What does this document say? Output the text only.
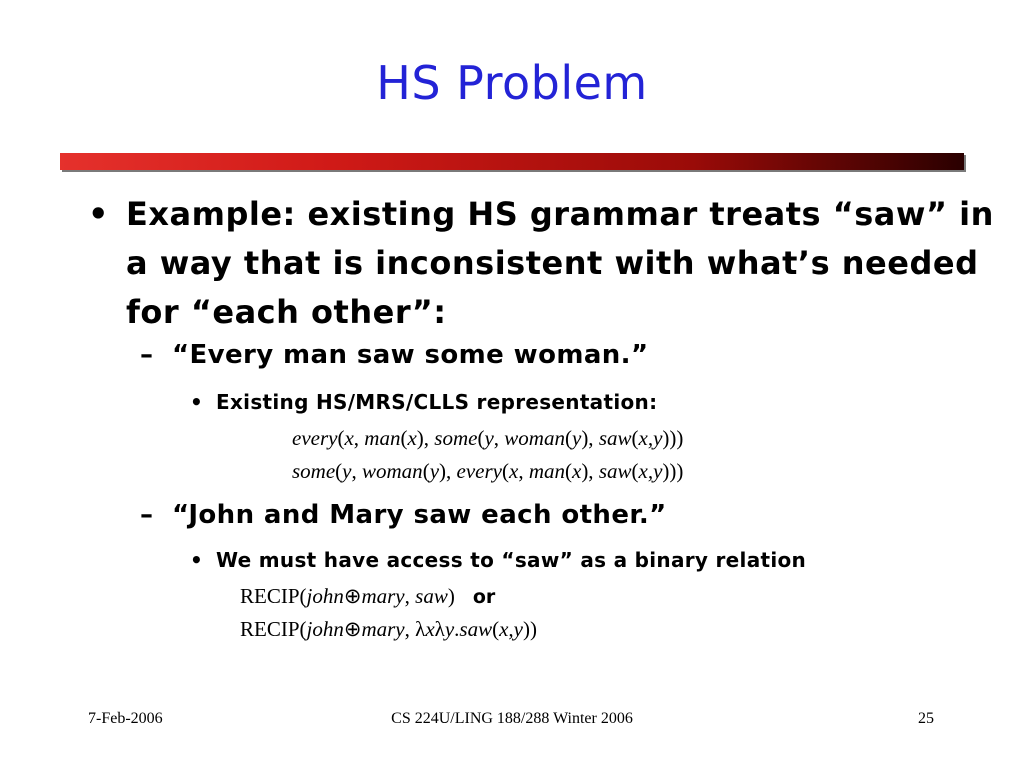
HS Problem
• Example: existing HS grammar treats “saw” in a way that is inconsistent with what’s needed for “each other”:
– “Every man saw some woman.”
• Existing HS/MRS/CLLS representation:
every(x, man(x), some(y, woman(y), saw(x,y)))
some(y, woman(y), every(x, man(x), saw(x,y)))
– “John and Mary saw each other.”
• We must have access to “saw” as a binary relation
RECIP(john⊕mary, saw) or
RECIP(john⊕mary, λxλy.saw(x,y))
7-Feb-2006	CS 224U/LING 188/288 Winter 2006	25
